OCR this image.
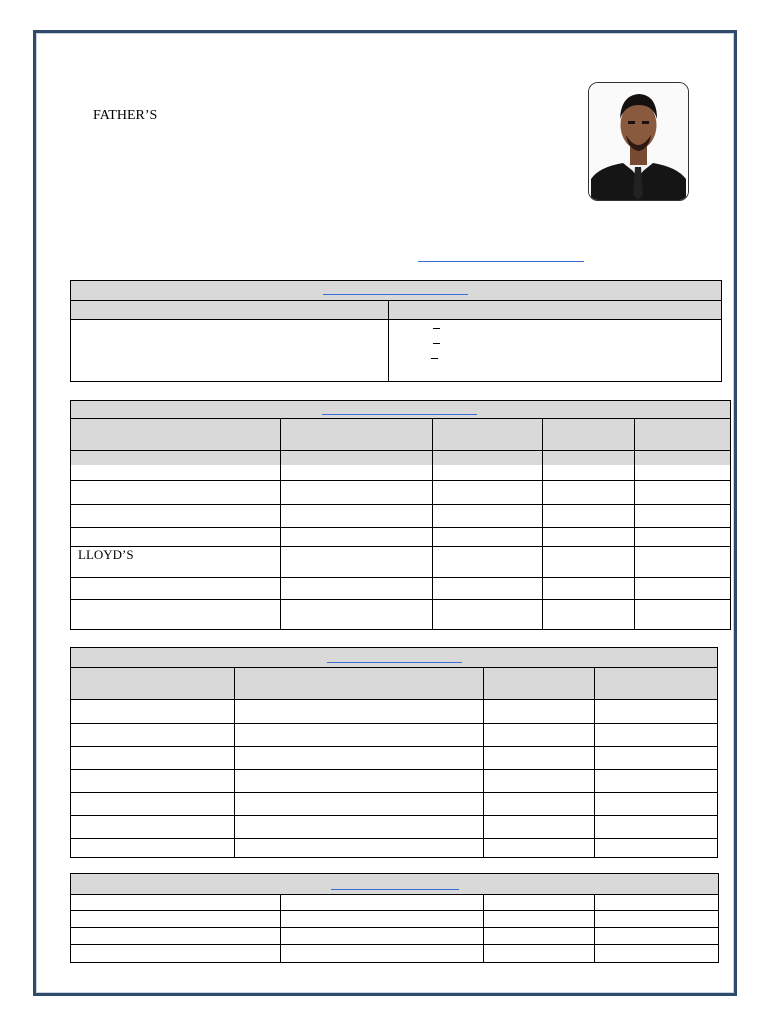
FATHER’S
LLOYD’S
